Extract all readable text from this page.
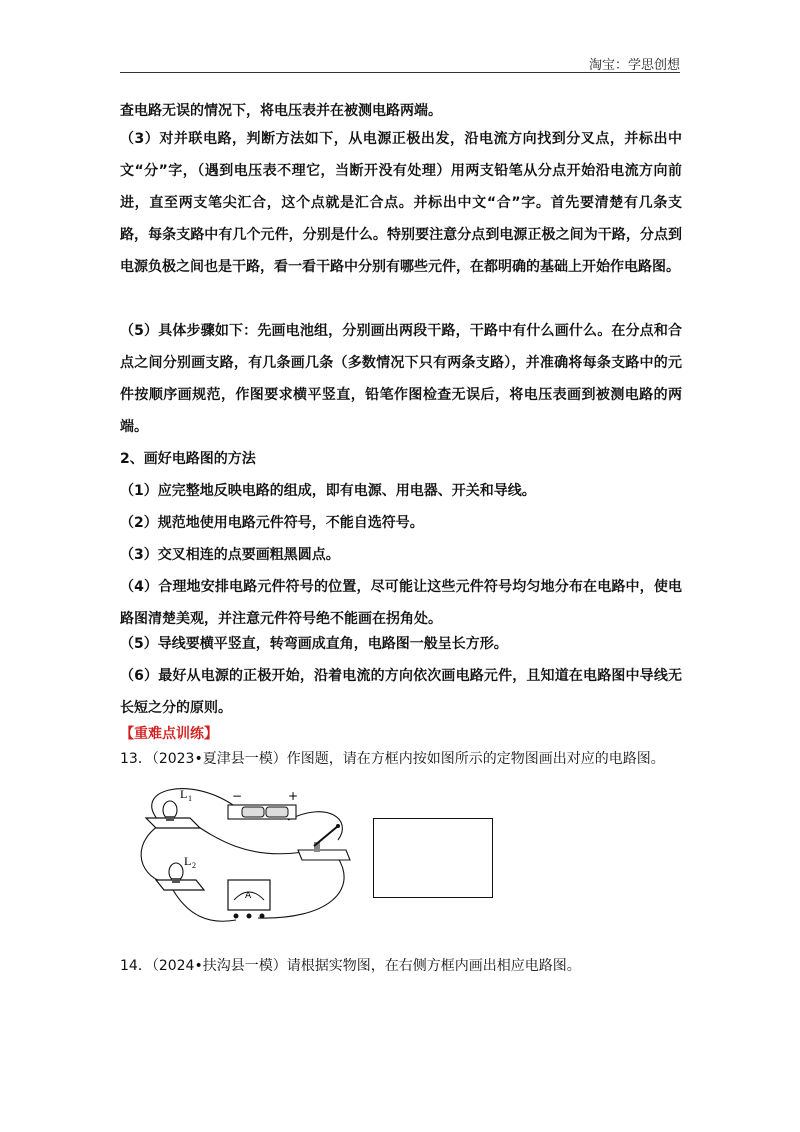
淘宝：学思创想
查电路无误的情况下，将电压表并在被测电路两端。
（3）对并联电路，判断方法如下，从电源正极出发，沿电流方向找到分叉点，并标出中文“分”字，（遇到电压表不理它，当断开没有处理）用两支铅笔从分点开始沿电流方向前进，直至两支笔尖汇合，这个点就是汇合点。并标出中文“合”字。首先要清楚有几条支路，每条支路中有几个元件，分别是什么。特别要注意分点到电源正极之间为干路，分点到电源负极之间也是干路，看一看干路中分别有哪些元件，在都明确的基础上开始作电路图。
（5）具体步骤如下：先画电池组，分别画出两段干路，干路中有什么画什么。在分点和合点之间分别画支路，有几条画几条（多数情况下只有两条支路），并准确将每条支路中的元件按顺序画规范，作图要求横平竖直，铅笔作图检查无误后，将电压表画到被测电路的两端。
2、画好电路图的方法
（1）应完整地反映电路的组成，即有电源、用电器、开关和导线。
（2）规范地使用电路元件符号，不能自选符号。
（3）交叉相连的点要画粗黑圆点。
（4）合理地安排电路元件符号的位置，尽可能让这些元件符号均匀地分布在电路中，使电路图清楚美观，并注意元件符号绝不能画在拐角处。
（5）导线要横平竖直，转弯画成直角，电路图一般呈长方形。
（6）最好从电源的正极开始，沿着电流的方向依次画电路元件，且知道在电路图中导线无长短之分的原则。
【重难点训练】
13．（2023•夏津县一模）作图题，请在方框内按如图所示的定物图画出对应的电路图。
L 1	−	+
L 2
A
14．（2024•扶沟县一模）请根据实物图，在右侧方框内画出相应电路图。
